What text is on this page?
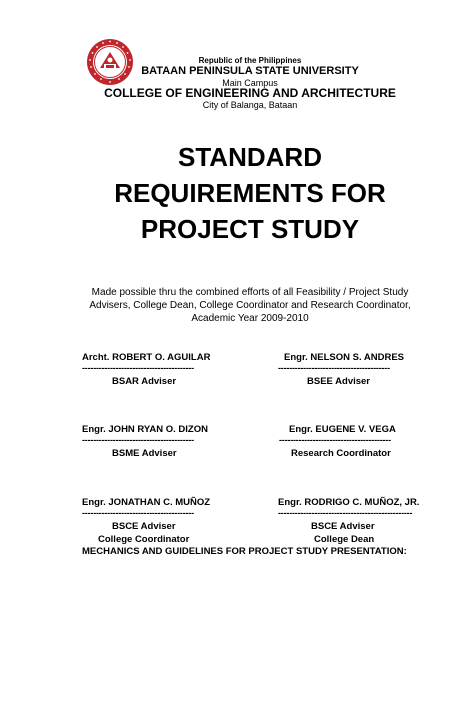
Republic of the Philippines
BATAAN PENINSULA STATE UNIVERSITY
Main Campus
COLLEGE OF ENGINEERING AND ARCHITECTURE
City of Balanga, Bataan
STANDARD
REQUIREMENTS FOR
PROJECT STUDY
Made possible thru the combined efforts of all Feasibility / Project Study
Advisers, College Dean, College Coordinator and Research Coordinator,
Academic Year 2009-2010
Archt. ROBERT O. AGUILAR
----------------------------------------
BSAR Adviser
Engr. NELSON S. ANDRES
----------------------------------------
BSEE Adviser
Engr. JOHN RYAN O. DIZON
----------------------------------------
BSME Adviser
Engr. EUGENE V. VEGA
----------------------------------------
Research Coordinator
Engr. JONATHAN C. MUÑOZ
----------------------------------------
BSCE Adviser
College Coordinator
Engr. RODRIGO C. MUÑOZ, JR.
------------------------------------------------
BSCE Adviser
College Dean
MECHANICS AND GUIDELINES FOR PROJECT STUDY PRESENTATION:
